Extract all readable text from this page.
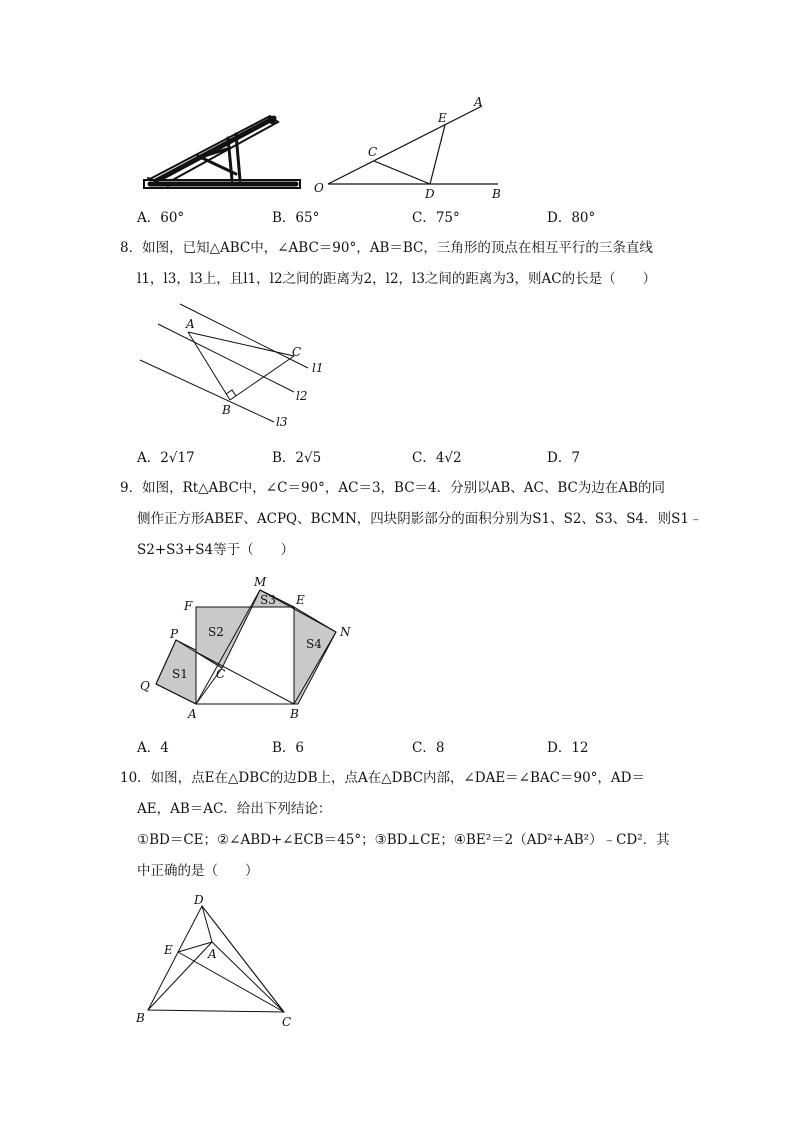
A
E
C
O	D	B
A．60°	B．65°	C．75°	D．80°
8．如图，已知△ABC中，∠ABC＝90°，AB＝BC，三角形的顶点在相互平行的三条直线
l1，l3，l3上，且l1，l2之间的距离为2，l2，l3之间的距离为3，则AC的长是（　　）
A
C
B
l1
l2
l3
A．2√17	B．2√5	C．4√2	D．7
9．如图，Rt△ABC中，∠C＝90°，AC＝3，BC＝4．分别以AB、AC、BC为边在AB的同
侧作正方形ABEF、ACPQ、BCMN，四块阴影部分的面积分别为S1、S2、S3、S4．则S1﹣
S2+S3+S4等于（　　）
M
F	E
P	N
S1
S2
S3
S4
Q
C
A	B
A．4	B．6	C．8	D．12
10．如图，点E在△DBC的边DB上，点A在△DBC内部，∠DAE＝∠BAC＝90°，AD＝
AE，AB＝AC．给出下列结论：
①BD＝CE；②∠ABD+∠ECB＝45°；③BD⊥CE；④BE²＝2（AD²+AB²）﹣CD²．其
中正确的是（　　）
D
E	A
B	C
